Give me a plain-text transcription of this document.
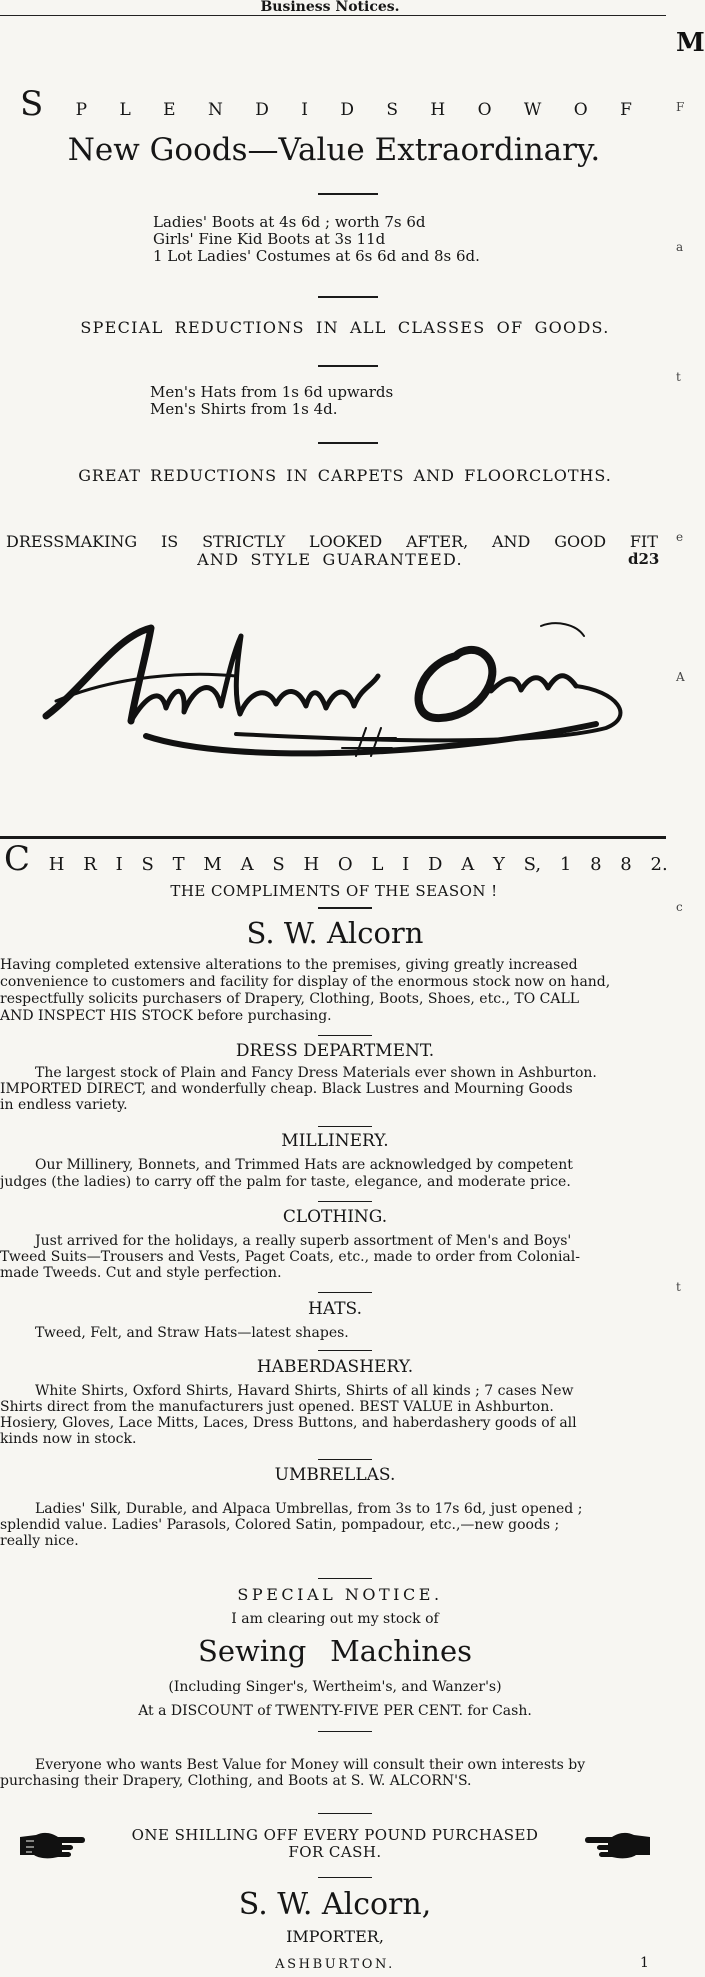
Business Notices.
M
F
a
t
e
A
c
t
S P L E N D I D S H O W O F
New Goods—Value Extraordinary.
Ladies' Boots at 4s 6d ; worth 7s 6d
Girls' Fine Kid Boots at 3s 11d
1 Lot Ladies' Costumes at 6s 6d and 8s 6d.
SPECIAL REDUCTIONS IN ALL CLASSES OF GOODS.
Men's Hats from 1s 6d upwards
Men's Shirts from 1s 4d.
GREAT REDUCTIONS IN CARPETS AND FLOORCLOTHS.
DRESSMAKING IS STRICTLY LOOKED AFTER, AND GOOD FIT
AND STYLE GUARANTEED.	d23
C H R I S T M A S H O L I D A Y S, 1 8 8 2.
THE COMPLIMENTS OF THE SEASON !
S. W. Alcorn
Having completed extensive alterations to the premises, giving greatly increased
convenience to customers and facility for display of the enormous stock now on hand,
respectfully solicits purchasers of Drapery, Clothing, Boots, Shoes, etc., TO CALL
AND INSPECT HIS STOCK before purchasing.
DRESS DEPARTMENT.
The largest stock of Plain and Fancy Dress Materials ever shown in Ashburton.
IMPORTED DIRECT, and wonderfully cheap. Black Lustres and Mourning Goods
in endless variety.
MILLINERY.
Our Millinery, Bonnets, and Trimmed Hats are acknowledged by competent
judges (the ladies) to carry off the palm for taste, elegance, and moderate price.
CLOTHING.
Just arrived for the holidays, a really superb assortment of Men's and Boys'
Tweed Suits—Trousers and Vests, Paget Coats, etc., made to order from Colonial-
made Tweeds. Cut and style perfection.
HATS.
Tweed, Felt, and Straw Hats—latest shapes.
HABERDASHERY.
White Shirts, Oxford Shirts, Havard Shirts, Shirts of all kinds ; 7 cases New
Shirts direct from the manufacturers just opened. BEST VALUE in Ashburton.
Hosiery, Gloves, Lace Mitts, Laces, Dress Buttons, and haberdashery goods of all
kinds now in stock.
UMBRELLAS.
Ladies' Silk, Durable, and Alpaca Umbrellas, from 3s to 17s 6d, just opened ;
splendid value. Ladies' Parasols, Colored Satin, pompadour, etc.,—new goods ;
really nice.
SPECIAL NOTICE.
I am clearing out my stock of
Sewing Machines
(Including Singer's, Wertheim's, and Wanzer's)
At a DISCOUNT of TWENTY-FIVE PER CENT. for Cash.
Everyone who wants Best Value for Money will consult their own interests by
purchasing their Drapery, Clothing, and Boots at S. W. ALCORN'S.
ONE SHILLING OFF EVERY POUND PURCHASED
FOR CASH.
S. W. Alcorn,
IMPORTER,
ASHBURTON.	1
